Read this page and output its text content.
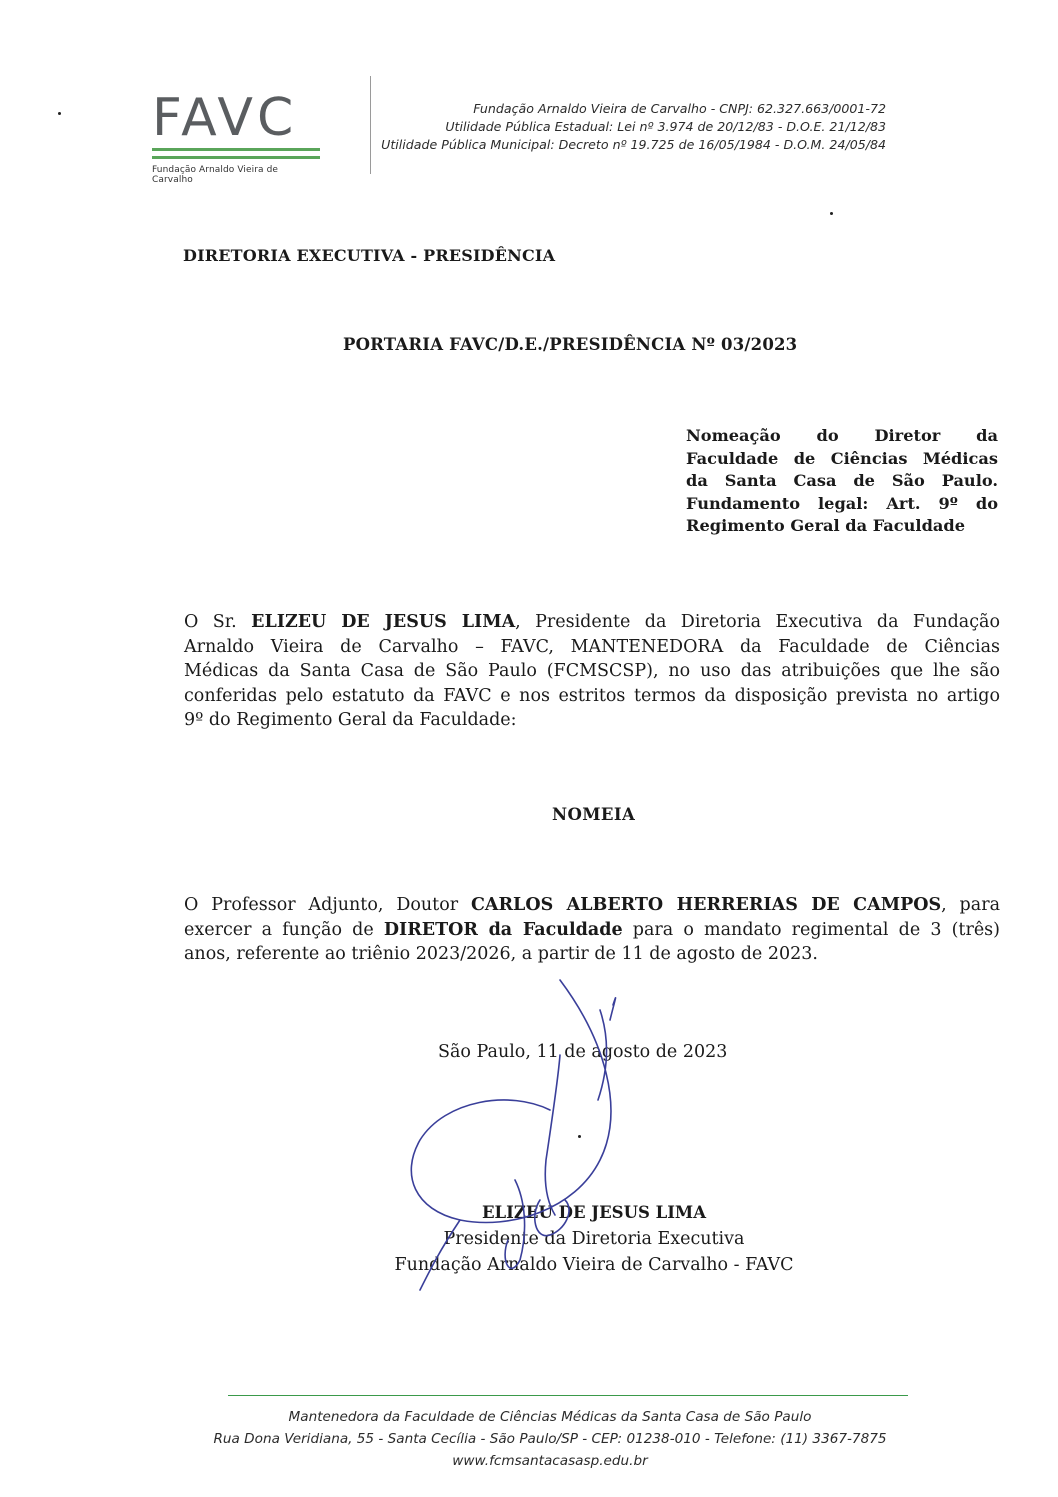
FAVC
Fundação Arnaldo Vieira de Carvalho
Fundação Arnaldo Vieira de Carvalho - CNPJ: 62.327.663/0001-72
Utilidade Pública Estadual: Lei nº 3.974 de 20/12/83 - D.O.E. 21/12/83
Utilidade Pública Municipal: Decreto nº 19.725 de 16/05/1984 - D.O.M. 24/05/84
DIRETORIA EXECUTIVA - PRESIDÊNCIA
PORTARIA FAVC/D.E./PRESIDÊNCIA Nº 03/2023
Nomeação do Diretor da
Faculdade de Ciências Médicas
da Santa Casa de São Paulo.
Fundamento legal: Art. 9º do
Regimento Geral da Faculdade
O Sr. ELIZEU DE JESUS LIMA, Presidente da Diretoria Executiva da Fundação
Arnaldo Vieira de Carvalho – FAVC, MANTENEDORA da Faculdade de Ciências
Médicas da Santa Casa de São Paulo (FCMSCSP), no uso das atribuições que lhe são
conferidas pelo estatuto da FAVC e nos estritos termos da disposição prevista no artigo
9º do Regimento Geral da Faculdade:
NOMEIA
O Professor Adjunto, Doutor CARLOS ALBERTO HERRERIAS DE CAMPOS, para
exercer a função de DIRETOR da Faculdade para o mandato regimental de 3 (três)
anos, referente ao triênio 2023/2026, a partir de 11 de agosto de 2023.
São Paulo, 11 de agosto de 2023
ELIZEU DE JESUS LIMA
Presidente da Diretoria Executiva
Fundação Arnaldo Vieira de Carvalho - FAVC
Mantenedora da Faculdade de Ciências Médicas da Santa Casa de São Paulo
Rua Dona Veridiana, 55 - Santa Cecília - São Paulo/SP - CEP: 01238-010 - Telefone: (11) 3367-7875
www.fcmsantacasasp.edu.br
